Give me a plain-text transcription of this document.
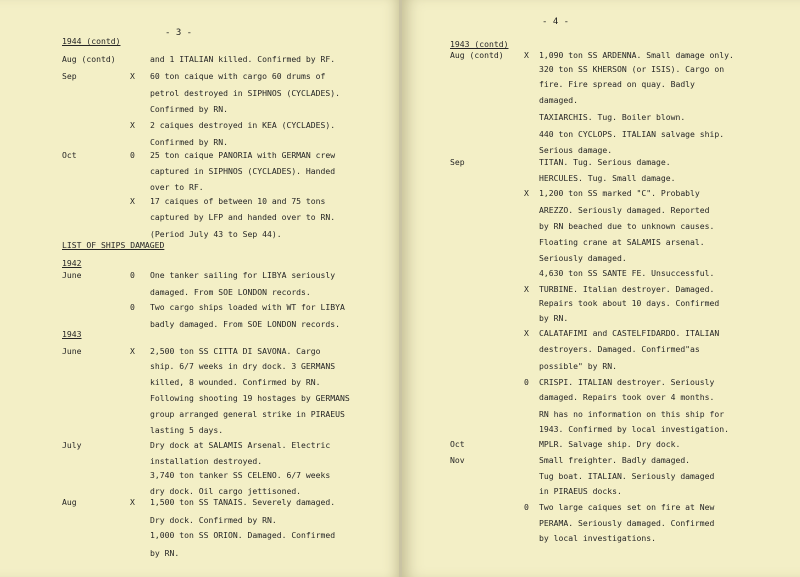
- 3 -
1944 (contd)
Aug (contd)	and 1 ITALIAN killed. Confirmed by RF.
Sep	X 60 ton caique with cargo 60 drums of
petrol destroyed in SIPHNOS (CYCLADES).
Confirmed by RN.
X 2 caiques destroyed in KEA (CYCLADES).
Confirmed by RN.
Oct	0 25 ton caique PANORIA with GERMAN crew
captured in SIPHNOS (CYCLADES). Handed
over to RF.
X 17 caiques of between 10 and 75 tons
captured by LFP and handed over to RN.
(Period July 43 to Sep 44).
LIST OF SHIPS DAMAGED
1942
June	0 One tanker sailing for LIBYA seriously
damaged. From SOE LONDON records.
0 Two cargo ships loaded with WT for LIBYA
badly damaged. From SOE LONDON records.
1943
June	X 2,500 ton SS CITTA DI SAVONA. Cargo
ship. 6/7 weeks in dry dock. 3 GERMANS
killed, 8 wounded. Confirmed by RN.
Following shooting 19 hostages by GERMANS
group arranged general strike in PIRAEUS
lasting 5 days.
July	Dry dock at SALAMIS Arsenal. Electric
installation destroyed.
3,740 ton tanker SS CELENO. 6/7 weeks
dry dock. Oil cargo jettisoned.
Aug	X 1,500 ton SS TANAIS. Severely damaged.
Dry dock. Confirmed by RN.
1,000 ton SS ORION. Damaged. Confirmed
by RN.
- 4 -
1943 (contd)
Aug (contd)	X 1,090 ton SS ARDENNA. Small damage only.
320 ton SS KHERSON (or ISIS). Cargo on
fire. Fire spread on quay. Badly
damaged.
TAXIARCHIS. Tug. Boiler blown.
440 ton CYCLOPS. ITALIAN salvage ship.
Serious damage.
Sep	TITAN. Tug. Serious damage.
HERCULES. Tug. Small damage.
X 1,200 ton SS marked "C". Probably
AREZZO. Seriously damaged. Reported
by RN beached due to unknown causes.
Floating crane at SALAMIS arsenal.
Seriously damaged.
4,630 ton SS SANTE FE. Unsuccessful.
X TURBINE. Italian destroyer. Damaged.
Repairs took about 10 days. Confirmed
by RN.
X CALATAFIMI and CASTELFIDARDO. ITALIAN
destroyers. Damaged. Confirmed"as
possible" by RN.
0 CRISPI. ITALIAN destroyer. Seriously
damaged. Repairs took over 4 months.
RN has no information on this ship for
1943. Confirmed by local investigation.
Oct	MPLR. Salvage ship. Dry dock.
Nov	Small freighter. Badly damaged.
Tug boat. ITALIAN. Seriously damaged
in PIRAEUS docks.
0 Two large caiques set on fire at New
PERAMA. Seriously damaged. Confirmed
by local investigations.
